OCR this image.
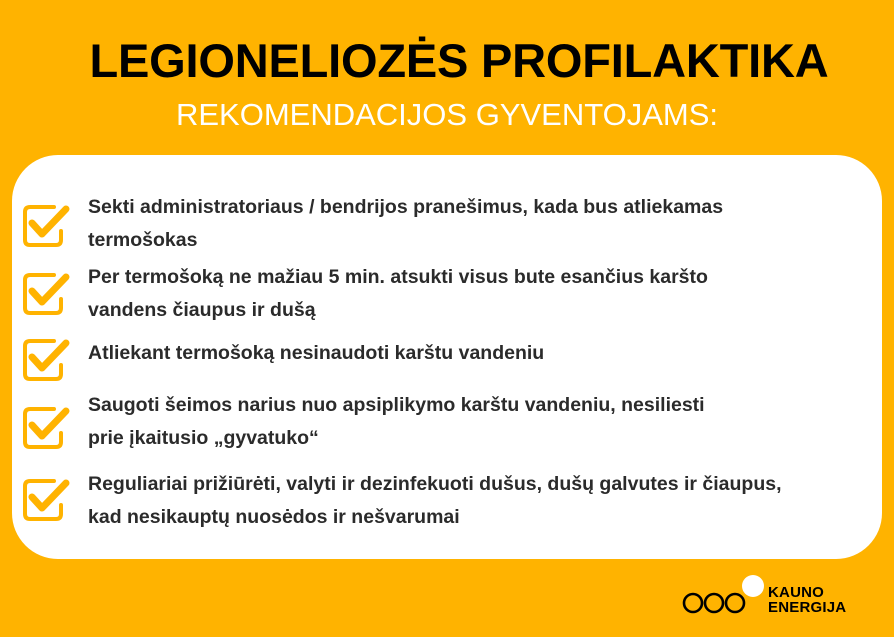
LEGIONELIOZĖS PROFILAKTIKA
REKOMENDACIJOS GYVENTOJAMS:
Sekti administratoriaus / bendrijos pranešimus, kada bus atliekamas
termošokas
Per termošoką ne mažiau 5 min. atsukti visus bute esančius karšto
vandens čiaupus ir dušą
Atliekant termošoką nesinaudoti karštu vandeniu
Saugoti šeimos narius nuo apsiplikymo karštu vandeniu, nesiliesti
prie įkaitusio „gyvatuko“
Reguliariai prižiūrėti, valyti ir dezinfekuoti dušus, dušų galvutes ir čiaupus,
kad nesikauptų nuosėdos ir nešvarumai
KAUNO
ENERGIJA
